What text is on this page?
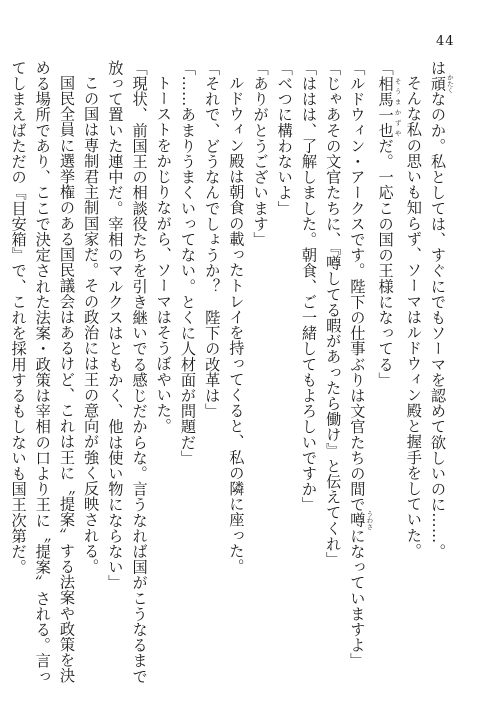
44
は頑 かたくなのか。私としては、すぐにでもソーマを認めて欲しいのに……。
そんな私の思いも知らず、ソーマはルドウィン殿と握手をしていた。
「相馬 そうま一也 かずやだ。一応この国の王様になってる」
「ルドウィン・アークスです。陛下の仕事ぶりは文官たちの間で噂 うわさになっていますよ」
「じゃあその文官たちに、『噂してる暇があったら働け』と伝えてくれ」
「ははは、了解しました。朝食、ご一緒してもよろしいですか」
「べつに構わないよ」
「ありがとうございます」
ルドウィン殿は朝食の載ったトレイを持ってくると、私の隣に座った。
「それで、どうなんでしょうか？　陛下の改革は」
「……あまりうまくいってない。とくに人材面が問題だ」
トーストをかじりながら、ソーマはそうぼやいた。
「現状、前国王の相談役たちを引き継いでる感じだからな。言うなれば国がこうなるまで
放って置いた連中だ。宰相のマルクスはともかく、他は使い物にならない」
この国は専制君主制国家だ。その政治には王の意向が強く反映される。
国民全員に選挙権のある国民議会はあるけど、これは王に〝提案〟する法案や政策を決
める場所であり、ここで決定された法案・政策は宰相の口より王に〝提案〟される。言っ
てしまえばただの『目安箱』で、これを採用するもしないも国王次第だ。
